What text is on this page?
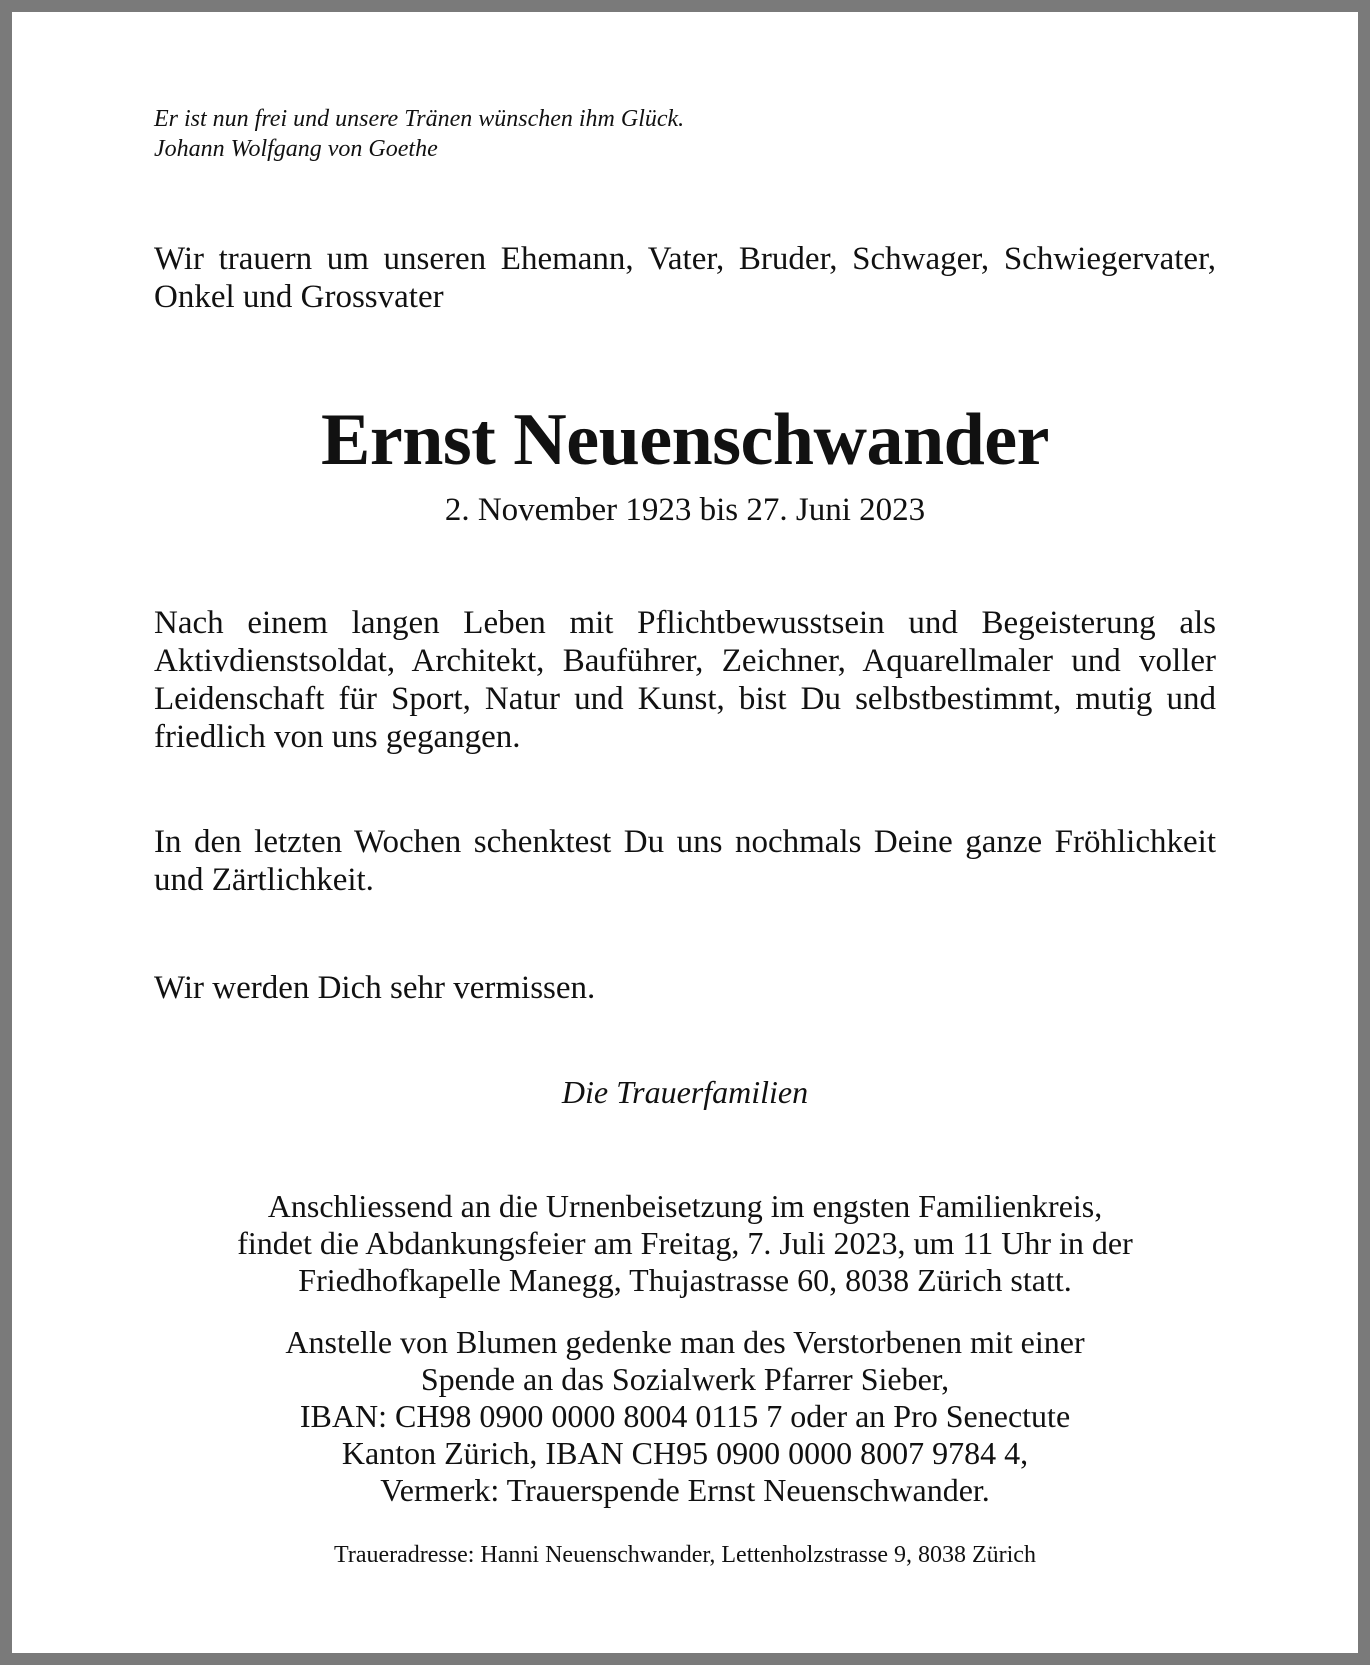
Er ist nun frei und unsere Tränen wünschen ihm Glück.
Johann Wolfgang von Goethe

Wir trauern um unseren Ehemann, Vater, Bruder, Schwager, Schwiegervater, Onkel und Grossvater

Ernst Neuenschwander
2. November 1923 bis 27. Juni 2023

Nach einem langen Leben mit Pflichtbewusstsein und Begeisterung als Aktivdienstsoldat, Architekt, Bauführer, Zeichner, Aquarellmaler und voller Leidenschaft für Sport, Natur und Kunst, bist Du selbstbestimmt, mutig und friedlich von uns gegangen.

In den letzten Wochen schenktest Du uns nochmals Deine ganze Fröhlichkeit und Zärtlichkeit.

Wir werden Dich sehr vermissen.

Die Trauerfamilien
Anschliessend an die Urnenbeisetzung im engsten Familienkreis,
findet die Abdankungsfeier am Freitag, 7. Juli 2023, um 11 Uhr in der
Friedhofkapelle Manegg, Thujastrasse 60, 8038 Zürich statt.
Anstelle von Blumen gedenke man des Verstorbenen mit einer
Spende an das Sozialwerk Pfarrer Sieber,
IBAN: CH98 0900 0000 8004 0115 7 oder an Pro Senectute
Kanton Zürich, IBAN CH95 0900 0000 8007 9784 4,
Vermerk: Trauerspende Ernst Neuenschwander.
Traueradresse: Hanni Neuenschwander, Lettenholzstrasse 9, 8038 Zürich
